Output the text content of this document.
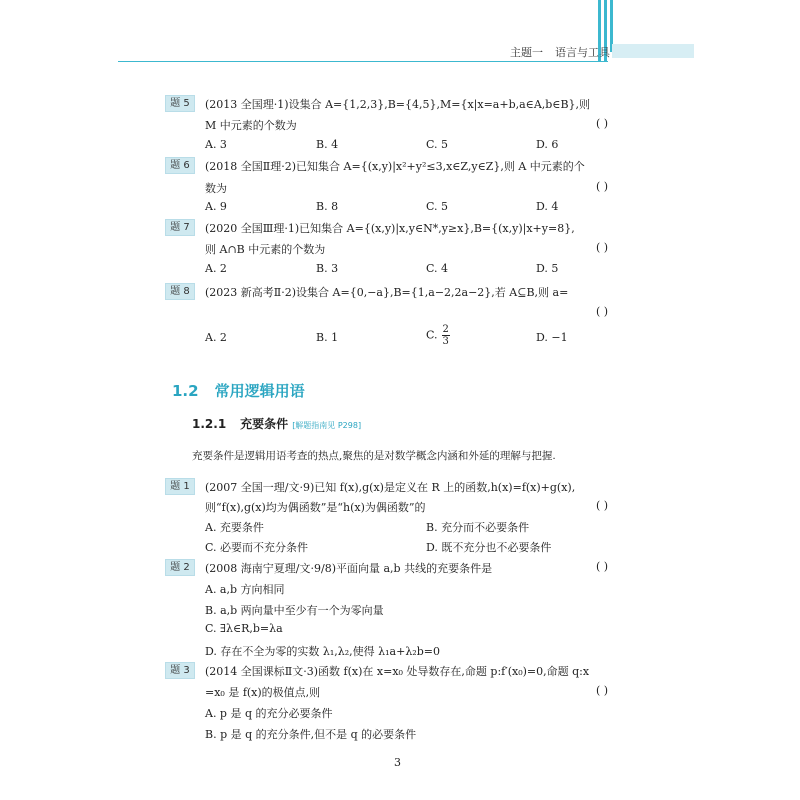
主题一 语言与工具
题 5	(2013 全国理·1)设集合 A={1,2,3},B={4,5},M={x|x=a+b,a∈A,b∈B},则
M 中元素的个数为	( )
A. 3	B. 4	C. 5	D. 6
题 6	(2018 全国Ⅱ理·2)已知集合 A={(x,y)|x²+y²≤3,x∈Z,y∈Z},则 A 中元素的个
数为	( )
A. 9	B. 8	C. 5	D. 4
题 7	(2020 全国Ⅲ理·1)已知集合 A={(x,y)|x,y∈N*,y≥x},B={(x,y)|x+y=8},
则 A∩B 中元素的个数为	( )
A. 2	B. 3	C. 4	D. 5
题 8	(2023 新高考Ⅱ·2)设集合 A={0,−a},B={1,a−2,2a−2},若 A⊆B,则 a=
( )
A. 2	B. 1	C. $\frac{2}{3}$	D. −1
1.2 常用逻辑用语
1.2.1 充要条件 [解题指南见 P298]
充要条件是逻辑用语考查的热点,聚焦的是对数学概念内涵和外延的理解与把握.
题 1	(2007 全国一理/文·9)已知 f(x),g(x)是定义在 R 上的函数,h(x)=f(x)+g(x),
则“f(x),g(x)均为偶函数”是“h(x)为偶函数”的	( )
A. 充要条件	B. 充分而不必要条件
C. 必要而不充分条件	D. 既不充分也不必要条件
题 2	(2008 海南宁夏理/文·9/8)平面向量 a,b 共线的充要条件是	( )
A. a,b 方向相同
B. a,b 两向量中至少有一个为零向量
C. ∃λ∈R,b=λa
D. 存在不全为零的实数 λ₁,λ₂,使得 λ₁a+λ₂b=0
题 3	(2014 全国课标Ⅱ文·3)函数 f(x)在 x=x₀ 处导数存在,命题 p:f′(x₀)=0,命题 q:x
=x₀ 是 f(x)的极值点,则	( )
A. p 是 q 的充分必要条件
B. p 是 q 的充分条件,但不是 q 的必要条件
3
